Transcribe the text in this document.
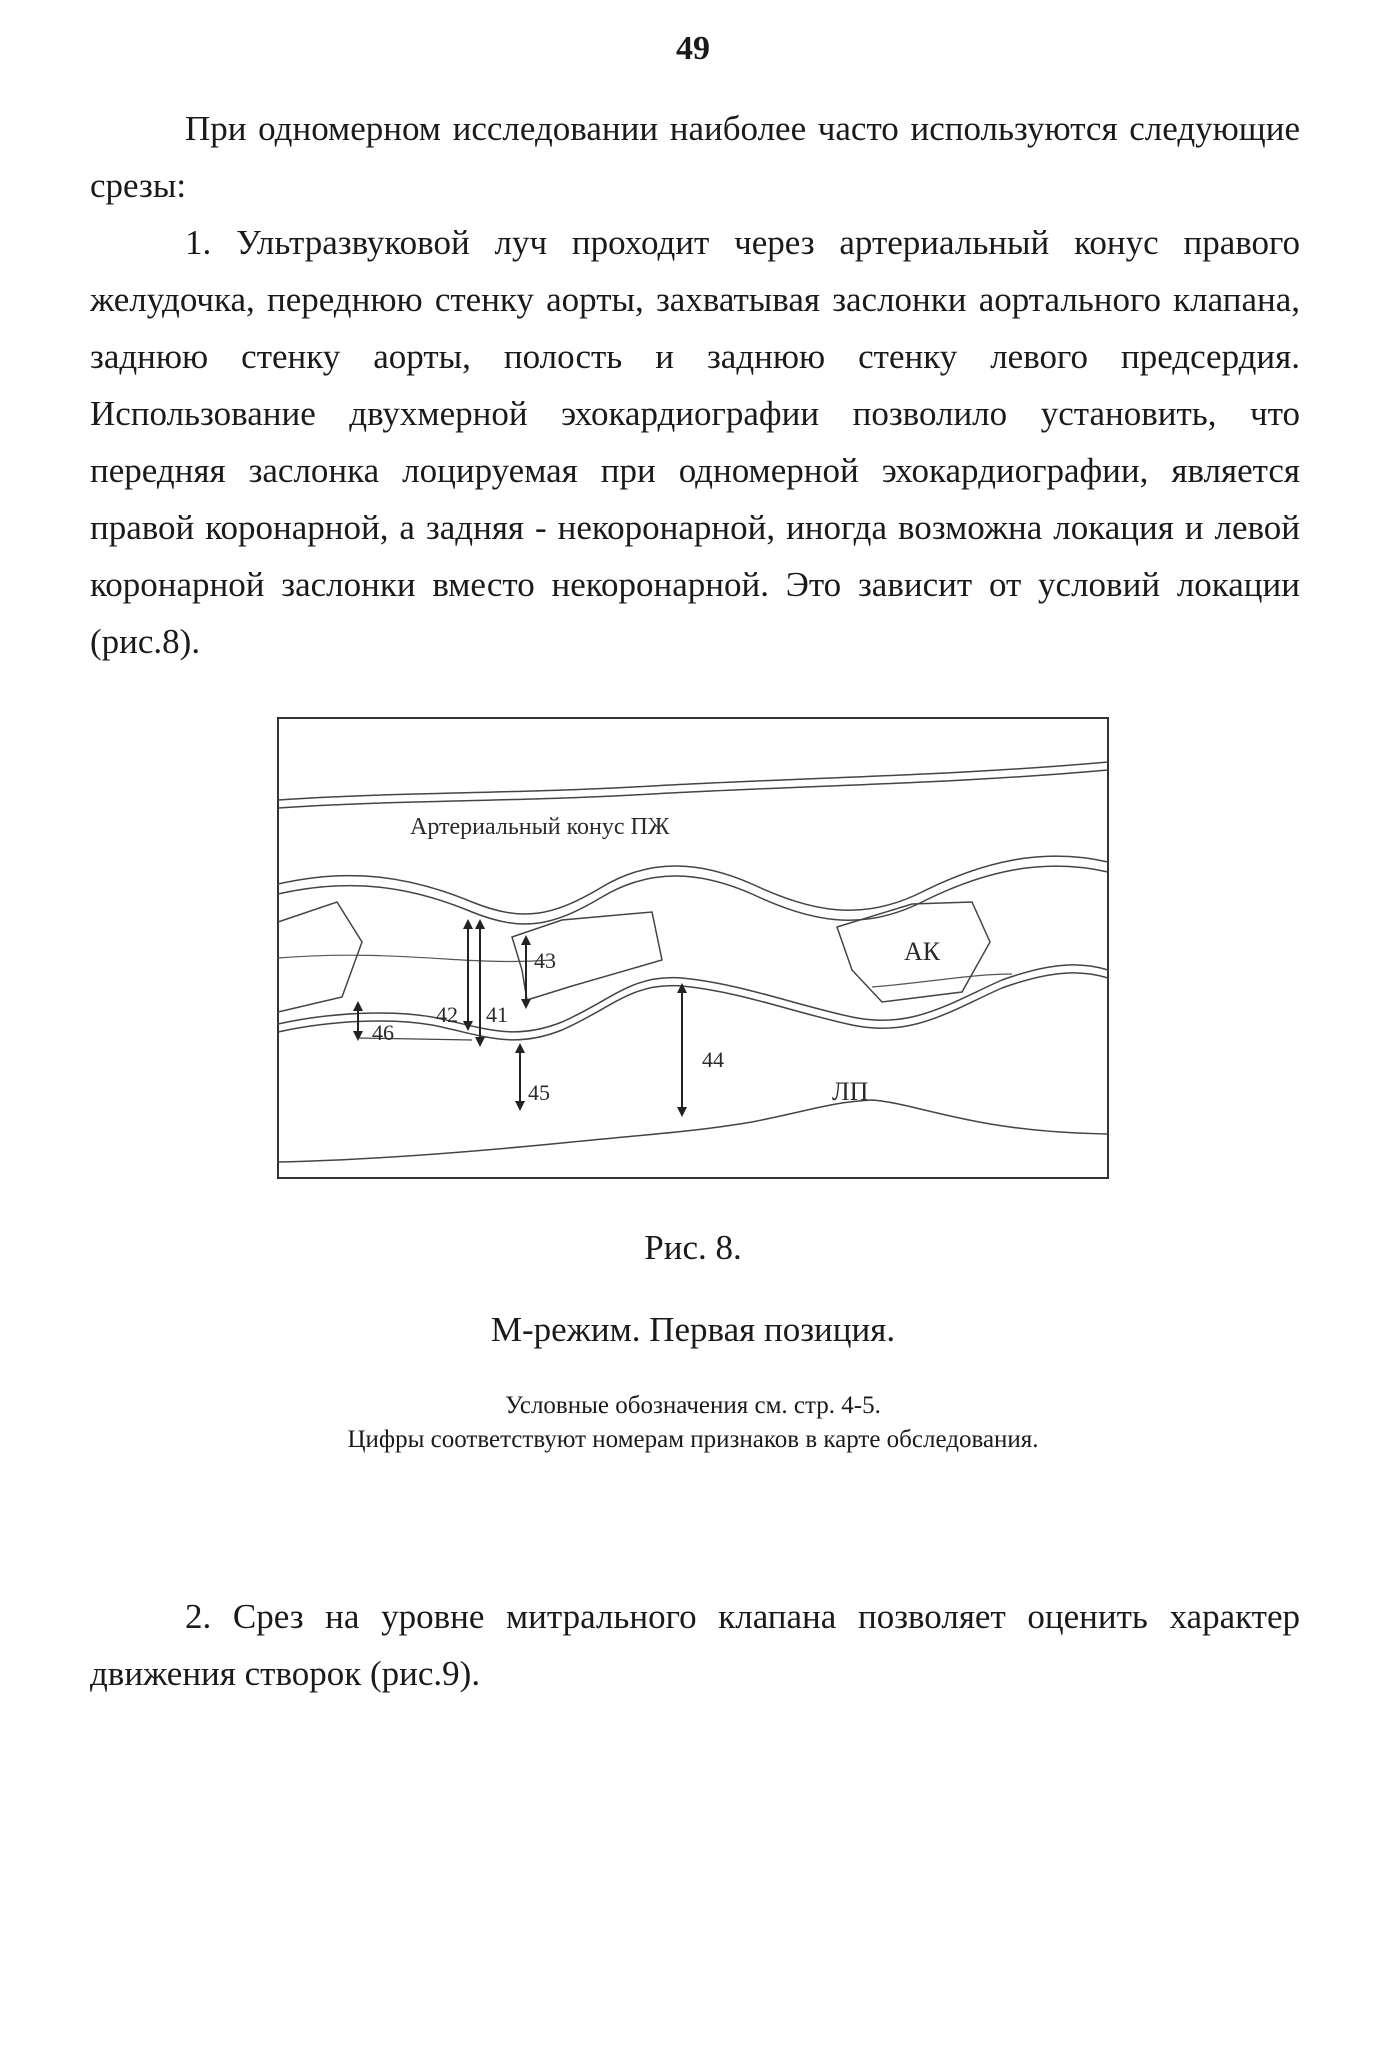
49

При одномерном исследовании наиболее часто используются следующие срезы:

1. Ультразвуковой луч проходит через артериальный конус правого желудочка, переднюю стенку аорты, захватывая заслонки аортального клапана, заднюю стенку аорты, полость и заднюю стенку левого предсердия. Использование двухмерной эхокардиографии позволило установить, что передняя заслонка лоцируемая при одномерной эхокардиографии, является правой коронарной, а задняя - некоронарной, иногда возможна локация и левой коронарной заслонки вместо некоронарной. Это зависит от условий локации (рис.8).

Артериальный конус ПЖ
АК
ЛП
42 41
43
44
45
46

Рис. 8.

М-режим. Первая позиция.

Условные обозначения см. стр. 4-5.

Цифры соответствуют номерам признаков в карте обследования.

2. Срез на уровне митрального клапана позволяет оценить характер движения створок (рис.9).
